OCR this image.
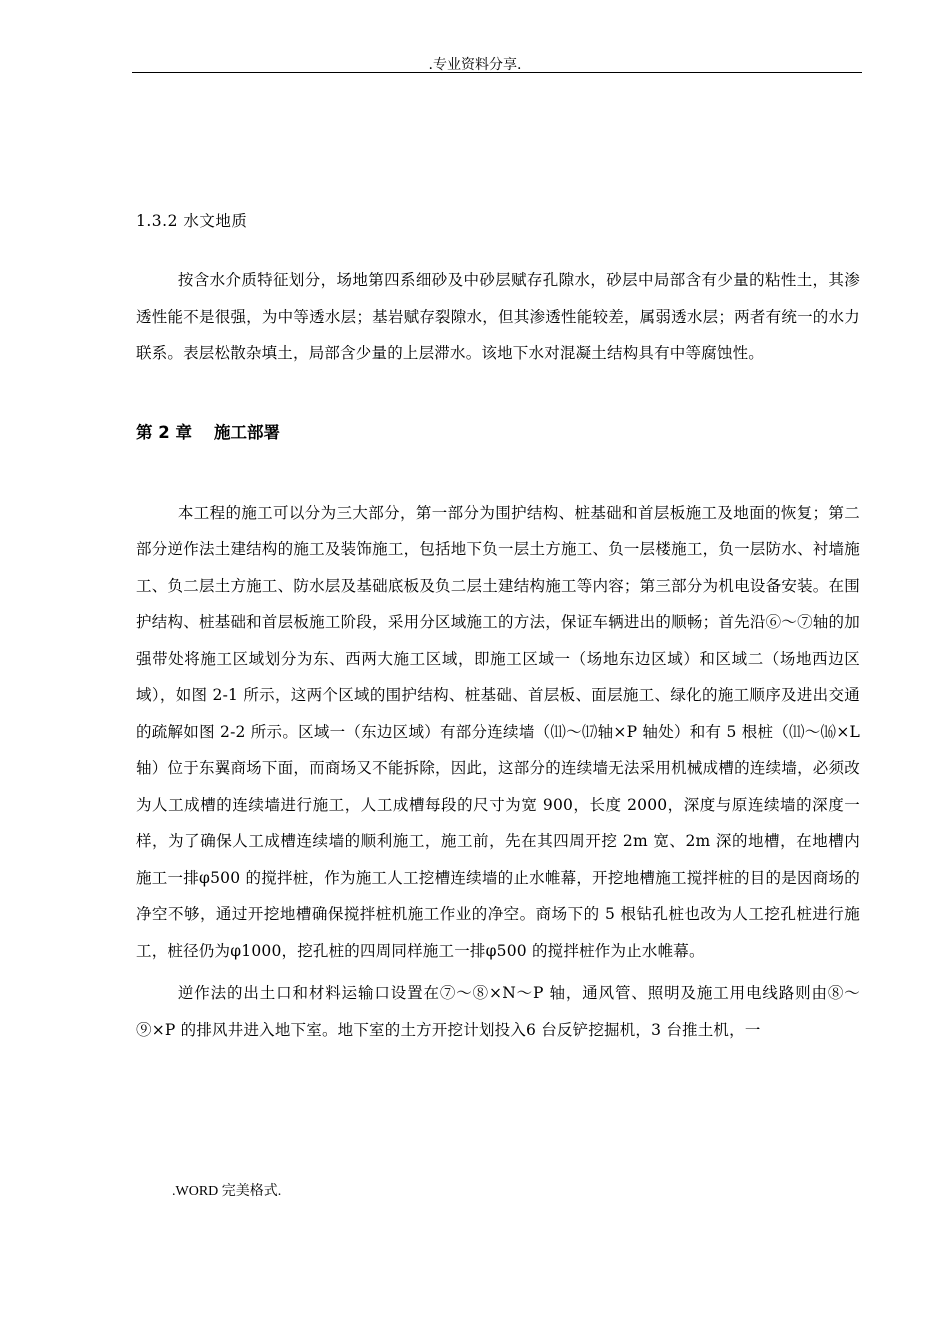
.专业资料分享.

1.3.2 水文地质

按含水介质特征划分，场地第四系细砂及中砂层赋存孔隙水，砂层中局部含有少量的粘性土，其渗透性能不是很强，为中等透水层；基岩赋存裂隙水，但其渗透性能较差，属弱透水层；两者有统一的水力联系。表层松散杂填土，局部含少量的上层滞水。该地下水对混凝土结构具有中等腐蚀性。

第 2 章 施工部署

本工程的施工可以分为三大部分，第一部分为围护结构、桩基础和首层板施工及地面的恢复；第二部分逆作法土建结构的施工及装饰施工，包括地下负一层土方施工、负一层楼施工，负一层防水、衬墙施工、负二层土方施工、防水层及基础底板及负二层土建结构施工等内容；第三部分为机电设备安装。在围护结构、桩基础和首层板施工阶段，采用分区域施工的方法，保证车辆进出的顺畅；首先沿⑥～⑦轴的加强带处将施工区域划分为东、西两大施工区域，即施工区域一（场地东边区域）和区域二（场地西边区域），如图 2-1 所示，这两个区域的围护结构、桩基础、首层板、面层施工、绿化的施工顺序及进出交通的疏解如图 2-2 所示。区域一（东边区域）有部分连续墙（⑾～⒄轴×P 轴处）和有 5 根桩（⑾～⒃×L 轴）位于东翼商场下面，而商场又不能拆除，因此，这部分的连续墙无法采用机械成槽的连续墙，必须改为人工成槽的连续墙进行施工，人工成槽每段的尺寸为宽 900，长度 2000，深度与原连续墙的深度一样，为了确保人工成槽连续墙的顺利施工，施工前，先在其四周开挖 2m 宽、2m 深的地槽，在地槽内施工一排φ500 的搅拌桩，作为施工人工挖槽连续墙的止水帷幕，开挖地槽施工搅拌桩的目的是因商场的净空不够，通过开挖地槽确保搅拌桩机施工作业的净空。商场下的 5 根钻孔桩也改为人工挖孔桩进行施工，桩径仍为φ1000，挖孔桩的四周同样施工一排φ500 的搅拌桩作为止水帷幕。

逆作法的出土口和材料运输口设置在⑦～⑧×N～P 轴，通风管、照明及施工用电线路则由⑧～⑨×P 的排风井进入地下室。地下室的土方开挖计划投入6 台反铲挖掘机，3 台推土机，一

.WORD 完美格式.
